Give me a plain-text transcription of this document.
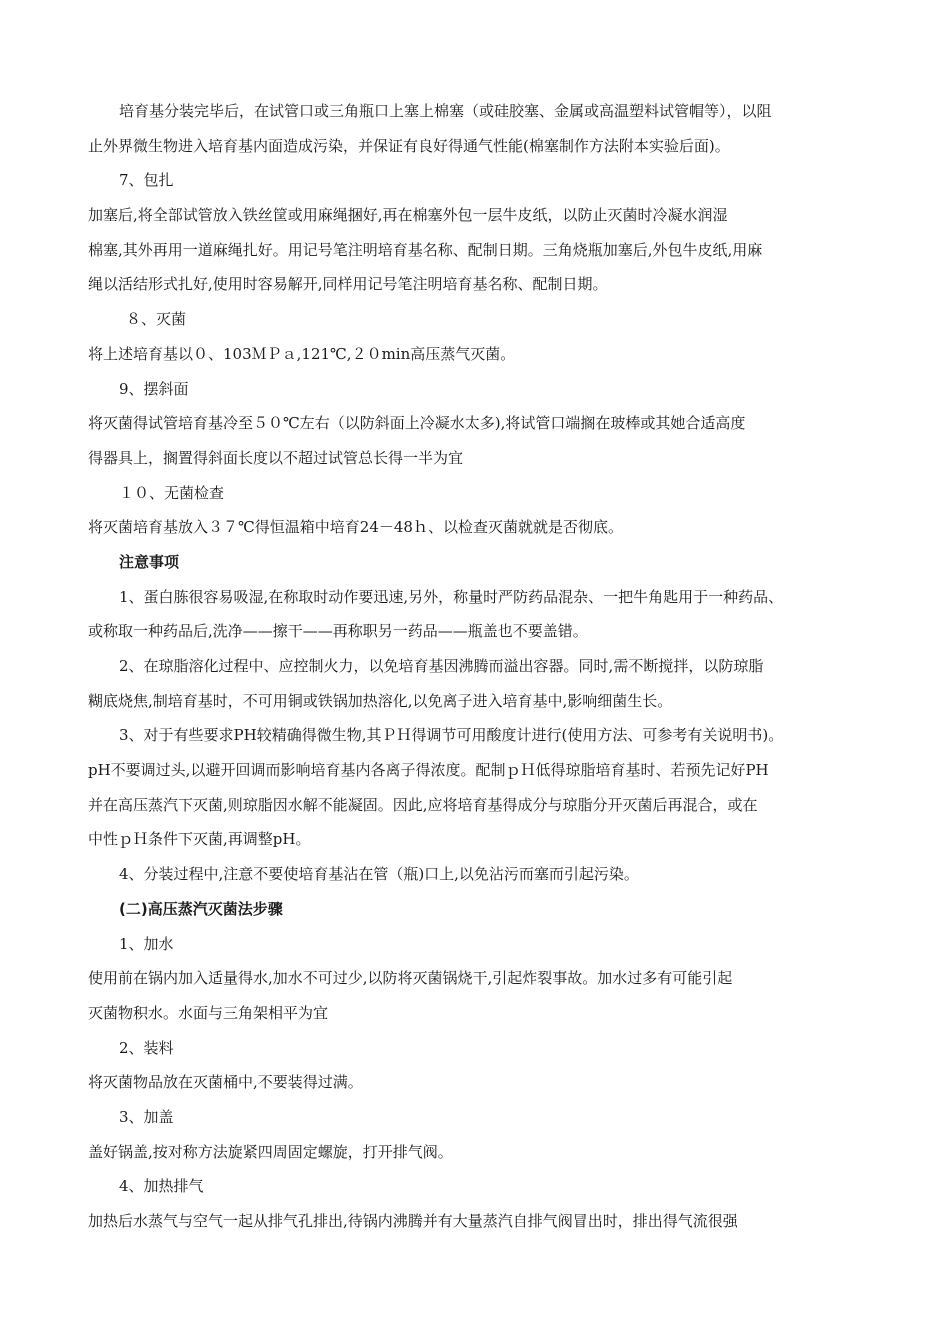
培育基分装完毕后，在试管口或三角瓶口上塞上棉塞（或硅胶塞、金属或高温塑料试管帽等），以阻
止外界微生物进入培育基内面造成污染，并保证有良好得通气性能(棉塞制作方法附本实验后面)。
7、包扎
加塞后,将全部试管放入铁丝筐或用麻绳捆好,再在棉塞外包一层牛皮纸，以防止灭菌时冷凝水润湿
棉塞,其外再用一道麻绳扎好。用记号笔注明培育基名称、配制日期。三角烧瓶加塞后,外包牛皮纸,用麻
绳以活结形式扎好,使用时容易解开,同样用记号笔注明培育基名称、配制日期。
８、灭菌
将上述培育基以０、103ＭＰａ,121℃,２０min高压蒸气灭菌。
9、摆斜面
将灭菌得试管培育基冷至５０℃左右（以防斜面上冷凝水太多),将试管口端搁在玻棒或其她合适高度
得器具上，搁置得斜面长度以不超过试管总长得一半为宜
１０、无菌检查
将灭菌培育基放入３７℃得恒温箱中培育24－48ｈ、以检查灭菌就就是否彻底。
注意事项
1、蛋白胨很容易吸湿,在称取时动作要迅速,另外，称量时严防药品混杂、一把牛角匙用于一种药品、
或称取一种药品后,洗净——擦干——再称职另一药品——瓶盖也不要盖错。
2、在琼脂溶化过程中、应控制火力，以免培育基因沸腾而溢出容器。同时,需不断搅拌，以防琼脂
糊底烧焦,制培育基时，不可用铜或铁锅加热溶化,以免离子进入培育基中,影响细菌生长。
3、对于有些要求PH较精确得微生物,其ＰＨ得调节可用酸度计进行(使用方法、可参考有关说明书)。
pH不要调过头,以避开回调而影响培育基内各离子得浓度。配制ｐＨ低得琼脂培育基时、若预先记好PH
并在高压蒸汽下灭菌,则琼脂因水解不能凝固。因此,应将培育基得成分与琼脂分开灭菌后再混合，或在
中性ｐＨ条件下灭菌,再调整pH。
4、分装过程中,注意不要使培育基沾在管（瓶)口上,以免沾污而塞而引起污染。
(二)高压蒸汽灭菌法步骤
1、加水
使用前在锅内加入适量得水,加水不可过少,以防将灭菌锅烧干,引起炸裂事故。加水过多有可能引起
灭菌物积水。水面与三角架相平为宜
2、装料
将灭菌物品放在灭菌桶中,不要装得过满。
3、加盖
盖好锅盖,按对称方法旋紧四周固定螺旋，打开排气阀。
4、加热排气
加热后水蒸气与空气一起从排气孔排出,待锅内沸腾并有大量蒸汽自排气阀冒出时，排出得气流很强
